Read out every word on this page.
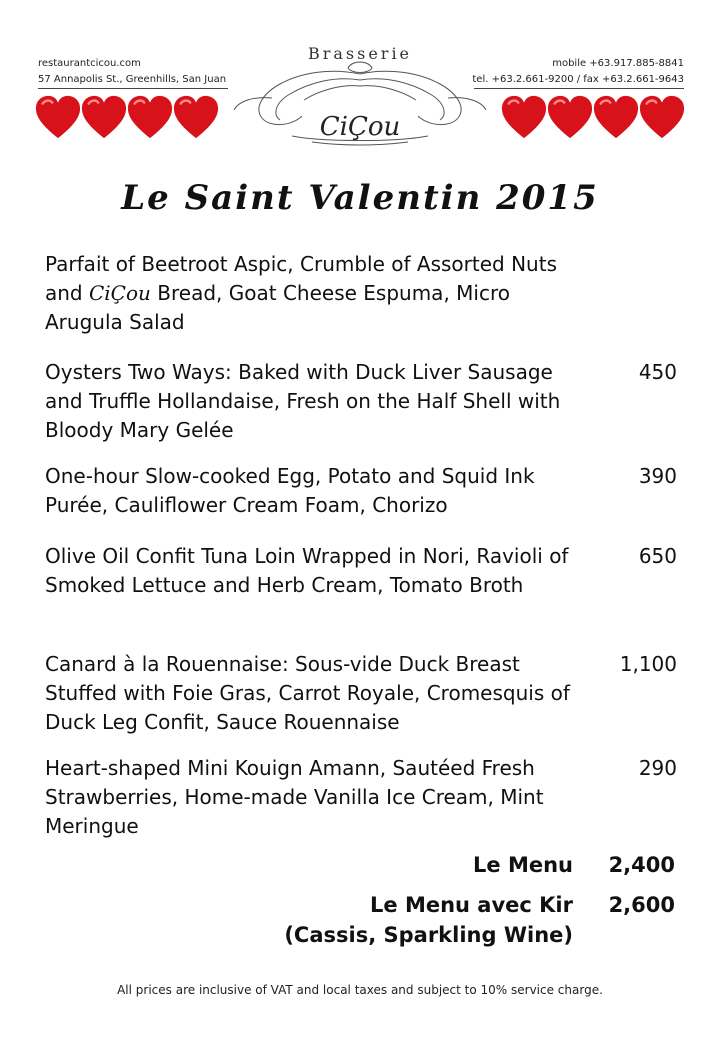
restaurantcicou.com
57 Annapolis St., Greenhills, San Juan
mobile +63.917.885-8841
tel. +63.2.661-9200 / fax +63.2.661-9643
Brasserie
CiÇou
Le Saint Valentin 2015
Parfait of Beetroot Aspic, Crumble of Assorted Nuts and CiÇou Bread, Goat Cheese Espuma, Micro Arugula Salad
Oysters Two Ways: Baked with Duck Liver Sausage and Truffle Hollandaise, Fresh on the Half Shell with Bloody Mary Gelée
450
One-hour Slow-cooked Egg, Potato and Squid Ink Purée, Cauliflower Cream Foam, Chorizo
390
Olive Oil Confit Tuna Loin Wrapped in Nori, Ravioli of Smoked Lettuce and Herb Cream, Tomato Broth
650
Canard à la Rouennaise: Sous-vide Duck Breast Stuffed with Foie Gras, Carrot Royale, Cromesquis of Duck Leg Confit, Sauce Rouennaise
1,100
Heart-shaped Mini Kouign Amann, Sautéed Fresh Strawberries, Home-made Vanilla Ice Cream, Mint Meringue
290
Le Menu 2,400
Le Menu avec Kir
(Cassis, Sparkling Wine)
2,600
All prices are inclusive of VAT and local taxes and subject to 10% service charge.
